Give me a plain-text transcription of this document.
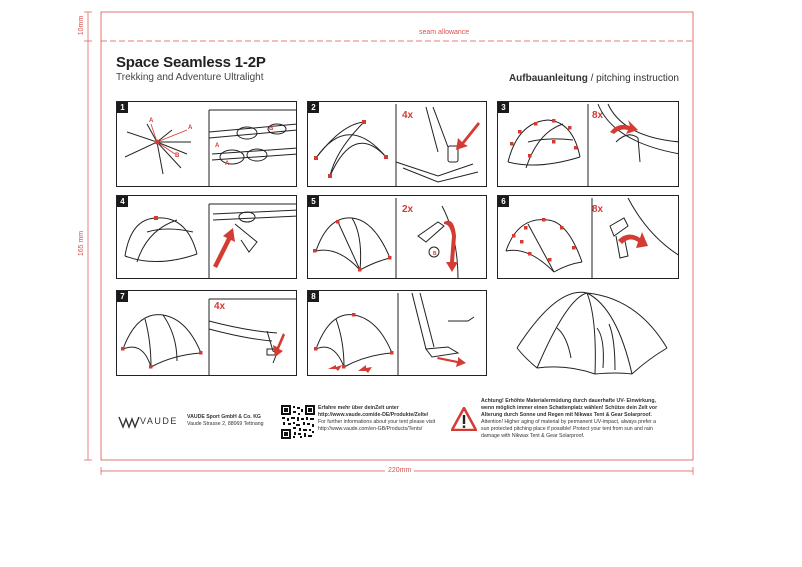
seam allowance
10mm
165 mm
220mm
Space Seamless 1-2P
Trekking and Adventure Ultralight	Aufbauanleitung / pitching instruction
1
A
A
B
B
A
A
2
4x
3
8x
4	5
2x
B
6
8x
7
4x
8
VAUDE VAUDE Sport GmbH & Co. KG
Vaude Strasse 2, 88069 Tettnang
Erfahre mehr über deinZelt unter
http://www.vaude.com/de-DE/Produkte/Zelte/
For further informations about your tent please visit
http://www.vaude.com/en-GB/Products/Tents/
Achtung! Erhöhte Materialermüdung durch dauerhafte UV- Einwirkung,
wenn möglich immer einen Schattenplatz wählen! Schütze dein Zelt vor
Alterung durch Sonne und Regen mit Nikwax Tent & Gear Solarproof.
Attention! Higher aging of material by permanent UV-impact, always prefer a
sun protected pitching place if possible! Protect your tent from sun and rain
damage with Nikwax Tent & Gear Solarproof.
